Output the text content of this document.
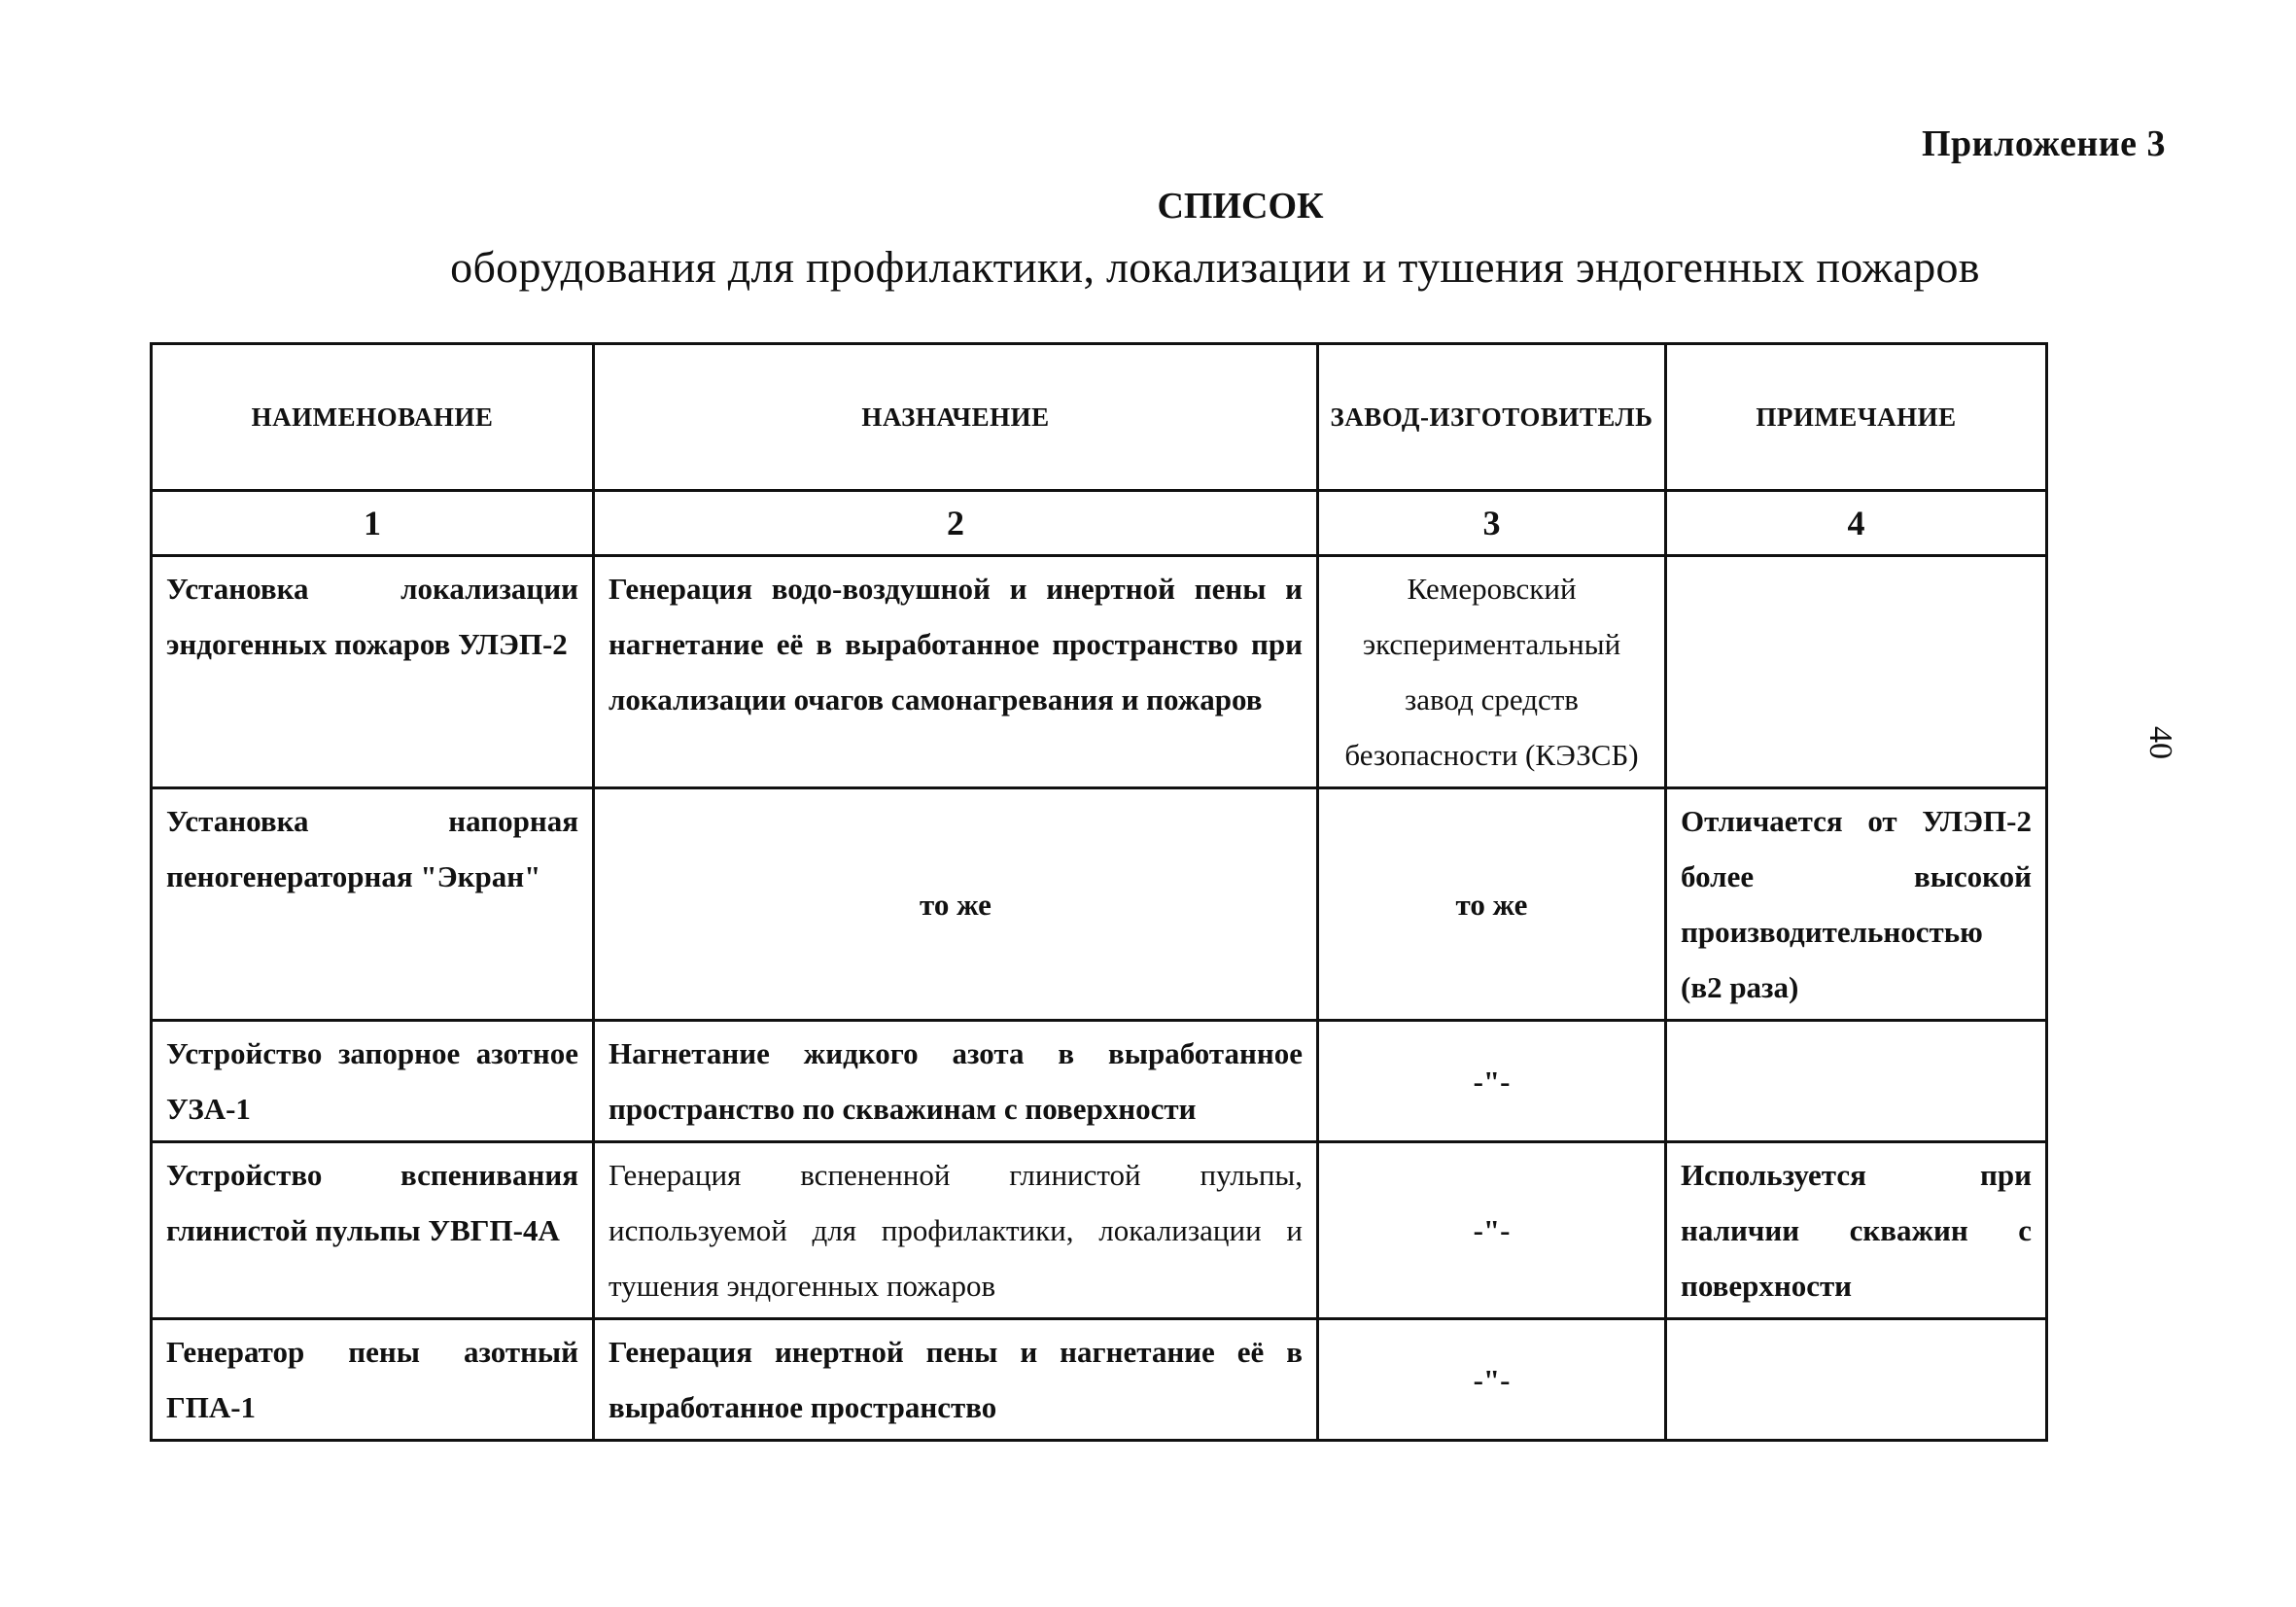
Приложение 3
СПИСОК
оборудования для профилактики, локализации и тушения эндогенных пожаров
40
НАИМЕНОВАНИЕ	НАЗНАЧЕНИЕ	ЗАВОД-ИЗГОТОВИТЕЛЬ	ПРИМЕЧАНИЕ
1	2	3	4
Установка локализации эндогенных пожаров УЛЭП-2	Генерация водо-воздушной и инертной пены и нагнетание её в выработанное пространство при локализации очагов самонагревания и пожаров	Кемеровский экспериментальный завод средств безопасности (КЭЗСБ)	
Установка напорная пеногенераторная "Экран"	то же	то же	Отличается от УЛЭП-2 более высокой производительностью (в2 раза)
Устройство запорное азотное УЗА-1	Нагнетание жидкого азота в выработанное пространство по скважинам с поверхности	-"-	
Устройство вспенивания глинистой пульпы УВГП-4А	Генерация вспененной глинистой пульпы, используемой для профилактики, локализации и тушения эндогенных пожаров	-"-	Используется при наличии скважин с поверхности
Генератор пены азотный ГПА-1	Генерация инертной пены и нагнетание её в выработанное пространство	-"-	
